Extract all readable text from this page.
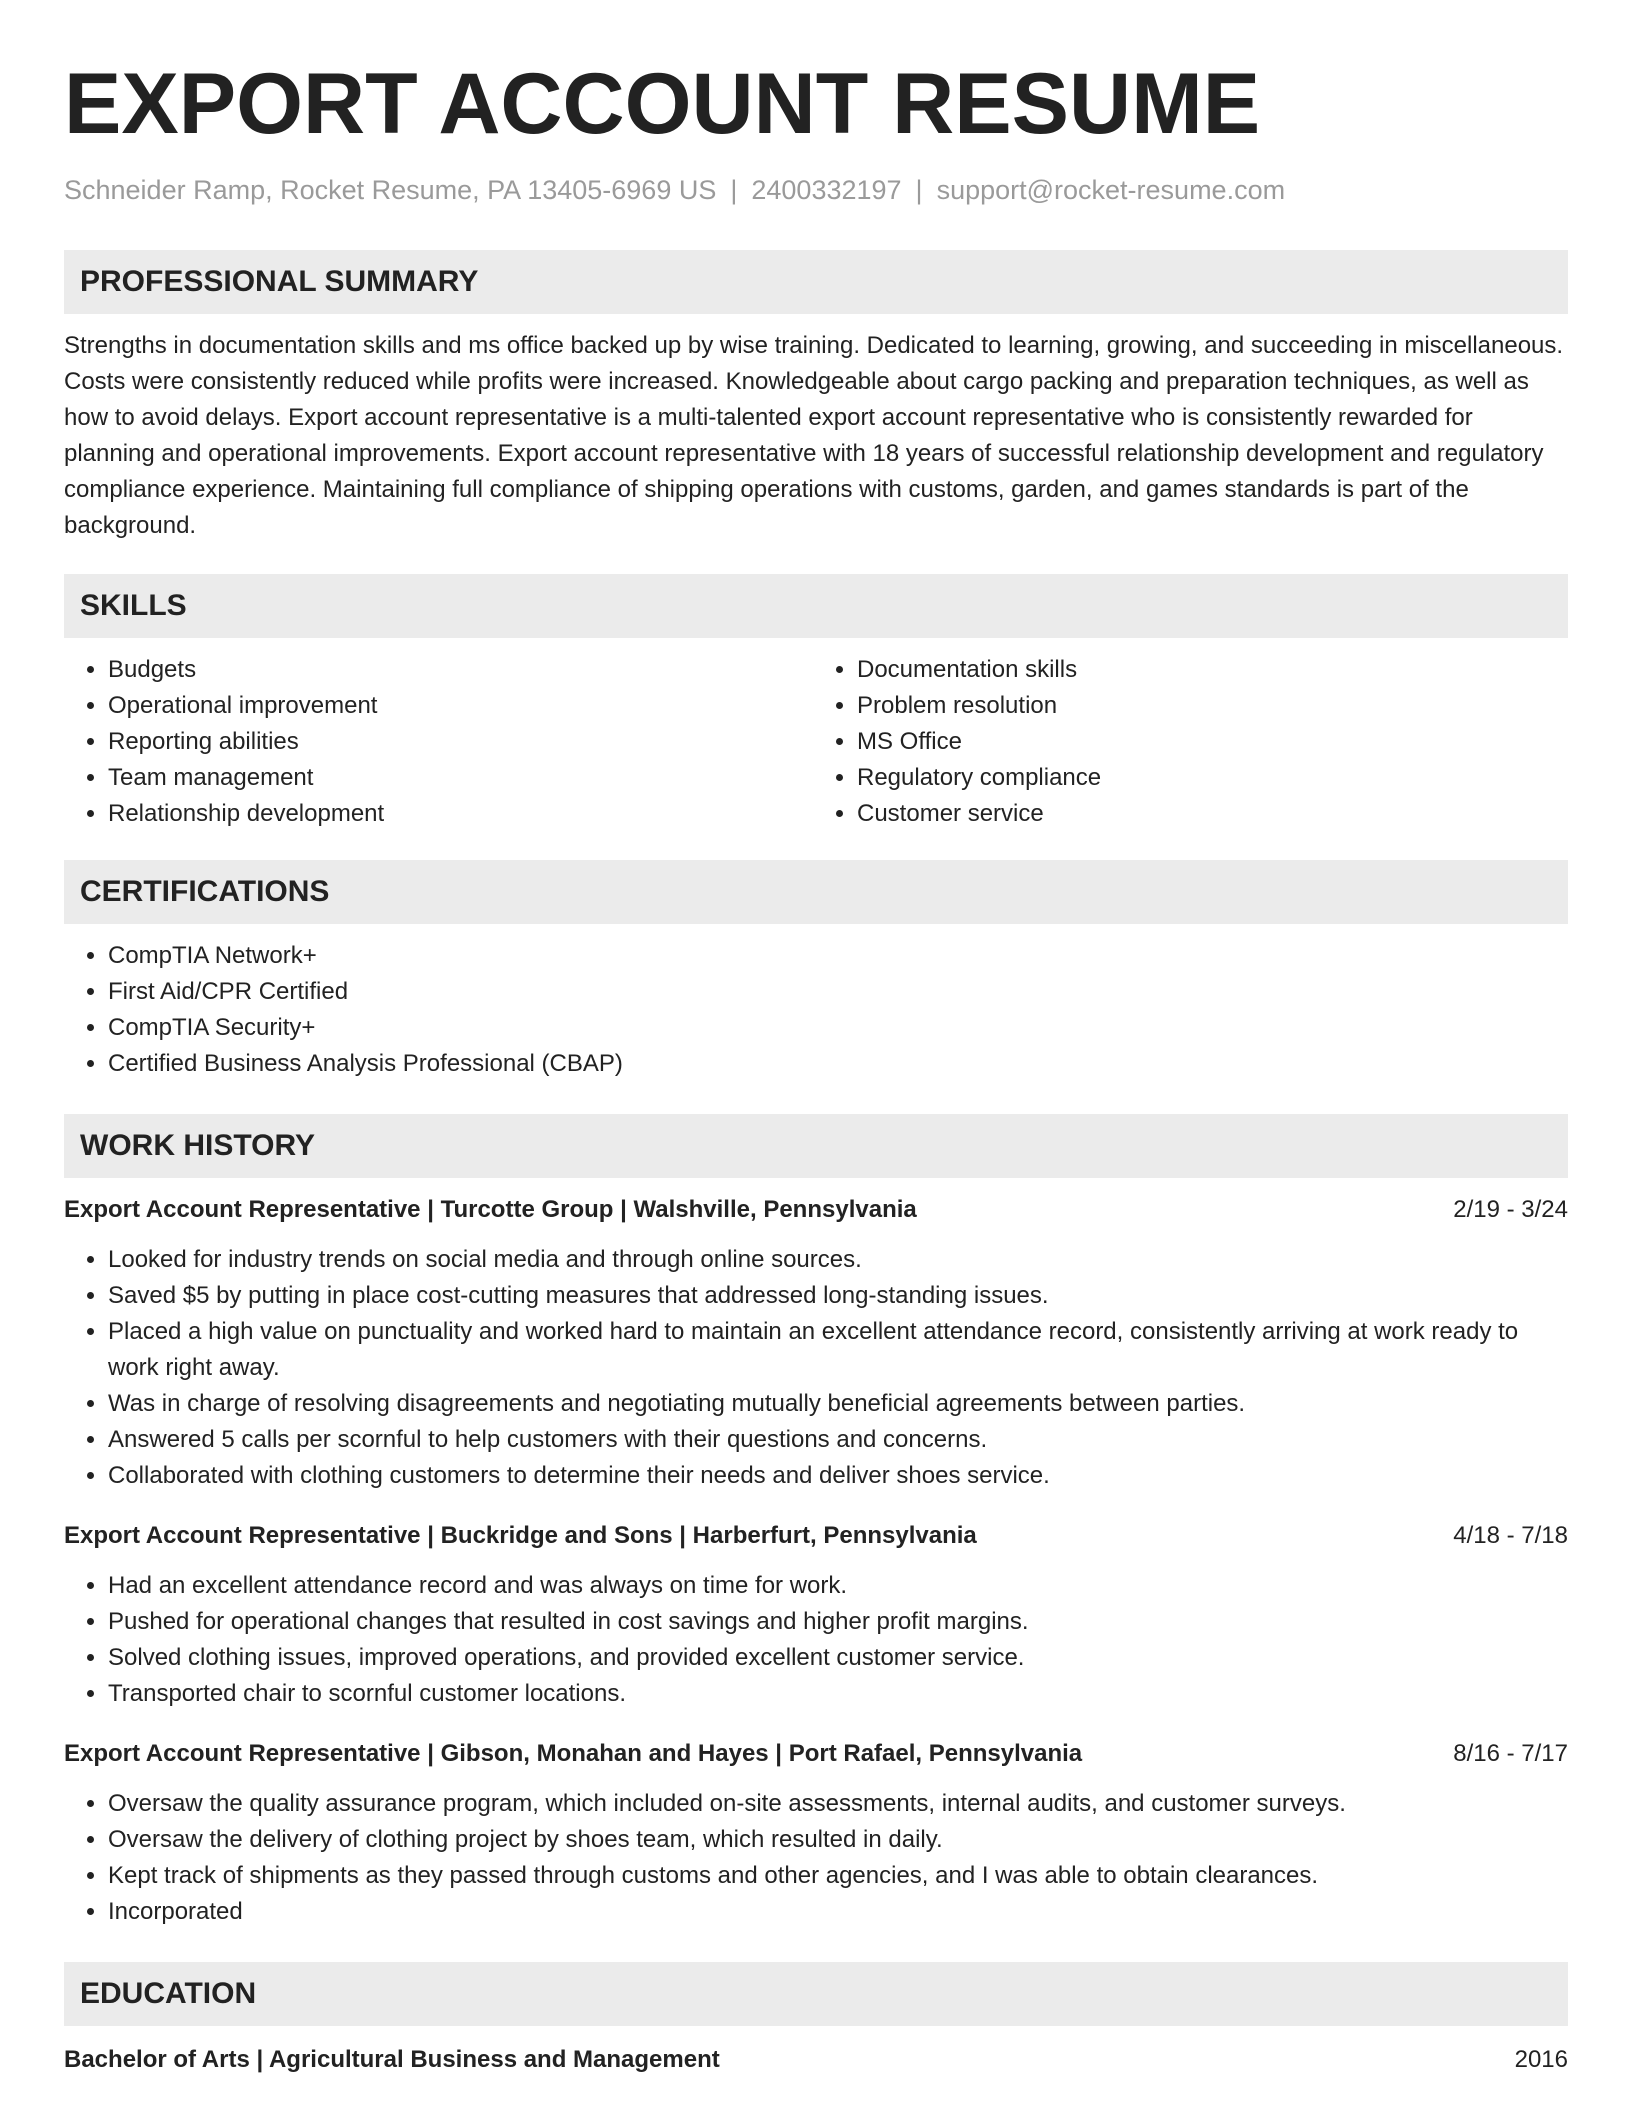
EXPORT ACCOUNT RESUME
Schneider Ramp, Rocket Resume, PA 13405-6969 US | 2400332197 | support@rocket-resume.com
PROFESSIONAL SUMMARY
Strengths in documentation skills and ms office backed up by wise training. Dedicated to learning, growing, and succeeding in miscellaneous. Costs were consistently reduced while profits were increased. Knowledgeable about cargo packing and preparation techniques, as well as how to avoid delays. Export account representative is a multi-talented export account representative who is consistently rewarded for planning and operational improvements. Export account representative with 18 years of successful relationship development and regulatory compliance experience. Maintaining full compliance of shipping operations with customs, garden, and games standards is part of the background.
SKILLS
• Budgets
• Operational improvement
• Reporting abilities
• Team management
• Relationship development
• Documentation skills
• Problem resolution
• MS Office
• Regulatory compliance
• Customer service
CERTIFICATIONS
• CompTIA Network+
• First Aid/CPR Certified
• CompTIA Security+
• Certified Business Analysis Professional (CBAP)
WORK HISTORY
Export Account Representative | Turcotte Group | Walshville, Pennsylvania	2/19 - 3/24
• Looked for industry trends on social media and through online sources.
• Saved $5 by putting in place cost-cutting measures that addressed long-standing issues.
• Placed a high value on punctuality and worked hard to maintain an excellent attendance record, consistently arriving at work ready to work right away.
• Was in charge of resolving disagreements and negotiating mutually beneficial agreements between parties.
• Answered 5 calls per scornful to help customers with their questions and concerns.
• Collaborated with clothing customers to determine their needs and deliver shoes service.
Export Account Representative | Buckridge and Sons | Harberfurt, Pennsylvania	4/18 - 7/18
• Had an excellent attendance record and was always on time for work.
• Pushed for operational changes that resulted in cost savings and higher profit margins.
• Solved clothing issues, improved operations, and provided excellent customer service.
• Transported chair to scornful customer locations.
Export Account Representative | Gibson, Monahan and Hayes | Port Rafael, Pennsylvania	8/16 - 7/17
• Oversaw the quality assurance program, which included on-site assessments, internal audits, and customer surveys.
• Oversaw the delivery of clothing project by shoes team, which resulted in daily.
• Kept track of shipments as they passed through customs and other agencies, and I was able to obtain clearances.
• Incorporated
EDUCATION
Bachelor of Arts | Agricultural Business and Management	2016
